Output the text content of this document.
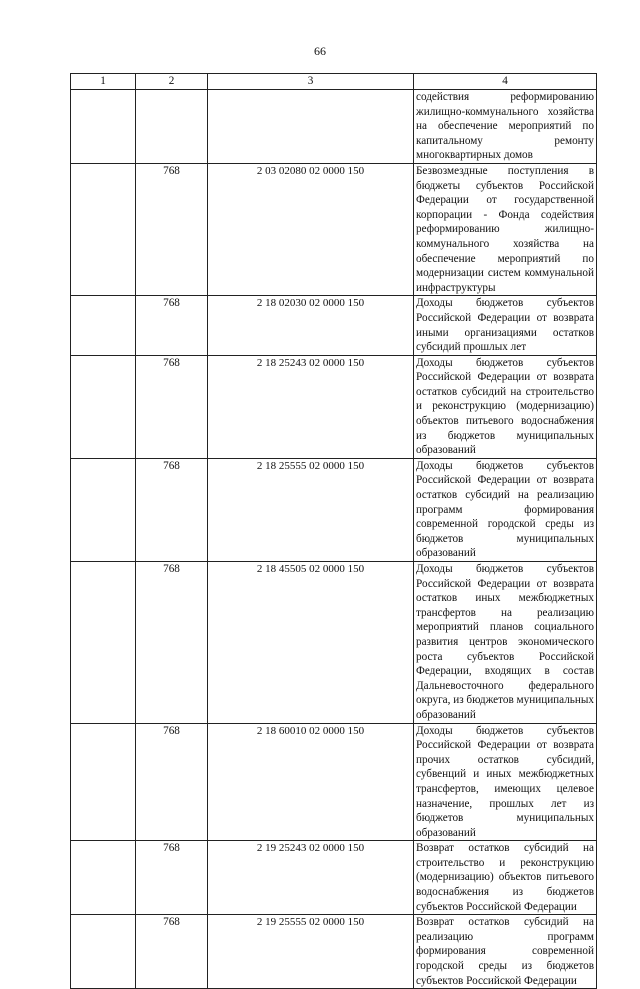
66
1	2	3	4
			содействия реформированию жилищно-коммунального хозяйства на обеспечение мероприятий по капитальному ремонту многоквартирных домов
	768	2 03 02080 02 0000 150	Безвозмездные поступления в бюджеты субъектов Российской Федерации от государственной корпорации - Фонда содействия реформированию жилищно-коммунального хозяйства на обеспечение мероприятий по модернизации систем коммунальной инфраструктуры
	768	2 18 02030 02 0000 150	Доходы бюджетов субъектов Российской Федерации от возврата иными организациями остатков субсидий прошлых лет
	768	2 18 25243 02 0000 150	Доходы бюджетов субъектов Российской Федерации от возврата остатков субсидий на строительство и реконструкцию (модернизацию) объектов питьевого водоснабжения из бюджетов муниципальных образований
	768	2 18 25555 02 0000 150	Доходы бюджетов субъектов Российской Федерации от возврата остатков субсидий на реализацию программ формирования современной городской среды из бюджетов муниципальных образований
	768	2 18 45505 02 0000 150	Доходы бюджетов субъектов Российской Федерации от возврата остатков иных межбюджетных трансфертов на реализацию мероприятий планов социального развития центров экономического роста субъектов Российской Федерации, входящих в состав Дальневосточного федерального округа, из бюджетов муниципальных образований
	768	2 18 60010 02 0000 150	Доходы бюджетов субъектов Российской Федерации от возврата прочих остатков субсидий, субвенций и иных межбюджетных трансфертов, имеющих целевое назначение, прошлых лет из бюджетов муниципальных образований
	768	2 19 25243 02 0000 150	Возврат остатков субсидий на строительство и реконструкцию (модернизацию) объектов питьевого водоснабжения из бюджетов субъектов Российской Федерации
	768	2 19 25555 02 0000 150	Возврат остатков субсидий на реализацию программ формирования современной городской среды из бюджетов субъектов Российской Федерации
